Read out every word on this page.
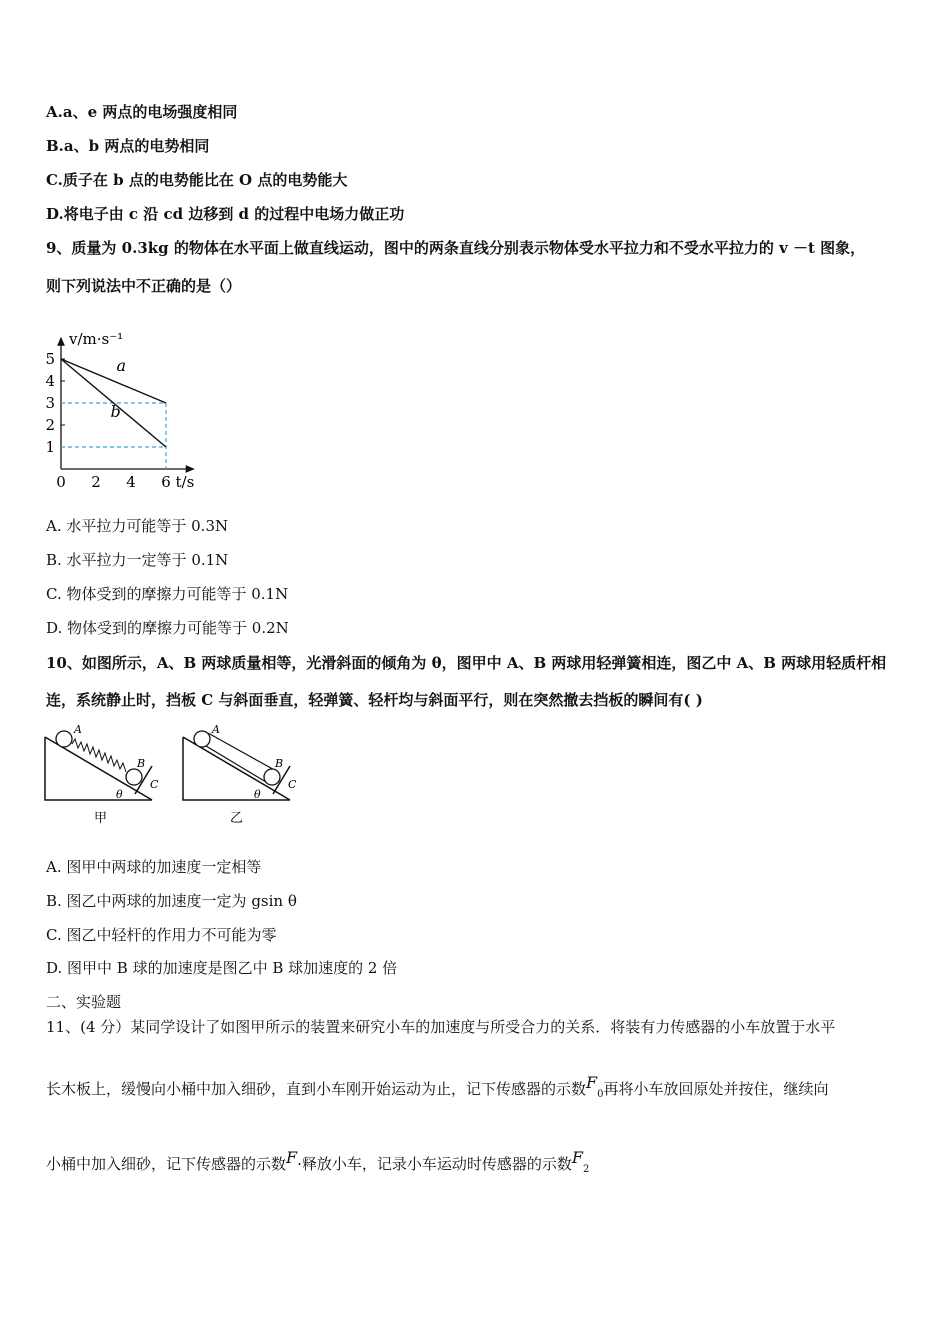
A.a、e 两点的电场强度相同
B.a、b 两点的电势相同
C.质子在 b 点的电势能比在 O 点的电势能大
D.将电子由 c 沿 cd 边移到 d 的过程中电场力做正功
9、质量为 0.3kg 的物体在水平面上做直线运动，图中的两条直线分别表示物体受水平拉力和不受水平拉力的 v －t 图象，
则下列说法中不正确的是（）
v/m·s⁻¹
t/s
0 2 4 6
1
2
3
4
5	a
b
A. 水平拉力可能等于 0.3N
B. 水平拉力一定等于 0.1N
C. 物体受到的摩擦力可能等于 0.1N
D. 物体受到的摩擦力可能等于 0.2N
10、如图所示，A、B 两球质量相等，光滑斜面的倾角为 θ，图甲中 A、B 两球用轻弹簧相连，图乙中 A、B 两球用轻质杆相
连，系统静止时，挡板 C 与斜面垂直，轻弹簧、轻杆均与斜面平行，则在突然撤去挡板的瞬间有( )
A
B
C
θ
甲
A
B
C
θ
乙
A. 图甲中两球的加速度一定相等
B. 图乙中两球的加速度一定为 gsin θ
C. 图乙中轻杆的作用力不可能为零
D. 图甲中 B 球的加速度是图乙中 B 球加速度的 2 倍
二、实验题
11、(4 分）某同学设计了如图甲所示的装置来研究小车的加速度与所受合力的关系．将装有力传感器的小车放置于水平
长木板上，缓慢向小桶中加入细砂，直到小车刚开始运动为止，记下传感器的示数$F_0$再将小车放回原处并按住，继续向
小桶中加入细砂，记下传感器的示数F·释放小车，记录小车运动时传感器的示数$F_2$
